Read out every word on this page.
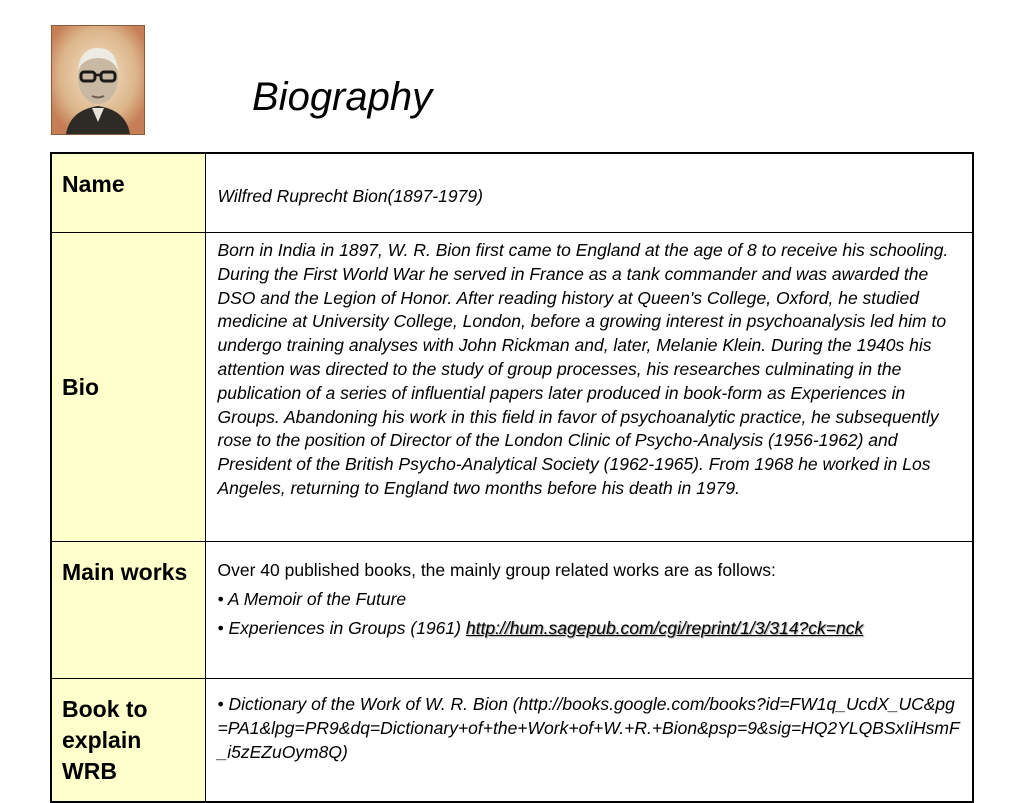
Biography
Name	Wilfred Ruprecht Bion(1897-1979)
Bio	Born in India in 1897, W. R. Bion first came to England at the age of 8 to receive his schooling. During the First World War he served in France as a tank commander and was awarded the DSO and the Legion of Honor. After reading history at Queen's College, Oxford, he studied medicine at University College, London, before a growing interest in psychoanalysis led him to undergo training analyses with John Rickman and, later, Melanie Klein. During the 1940s his attention was directed to the study of group processes, his researches culminating in the publication of a series of influential papers later produced in book-form as Experiences in Groups. Abandoning his work in this field in favor of psychoanalytic practice, he subsequently rose to the position of Director of the London Clinic of Psycho-Analysis (1956-1962) and President of the British Psycho-Analytical Society (1962-1965). From 1968 he worked in Los Angeles, returning to England two months before his death in 1979.
Main works	Over 40 published books, the mainly group related works are as follows:
• A Memoir of the Future
• Experiences in Groups (1961) http://hum.sagepub.com/cgi/reprint/1/3/314?ck=nck

Book to explain WRB	• Dictionary of the Work of W. R. Bion (http://books.google.com/books?id=FW1q_UcdX_UC&pg=PA1&lpg=PR9&dq=Dictionary+of+the+Work+of+W.+R.+Bion&psp=9&sig=HQ2YLQBSxIiHsmF_i5zEZuOym8Q)
